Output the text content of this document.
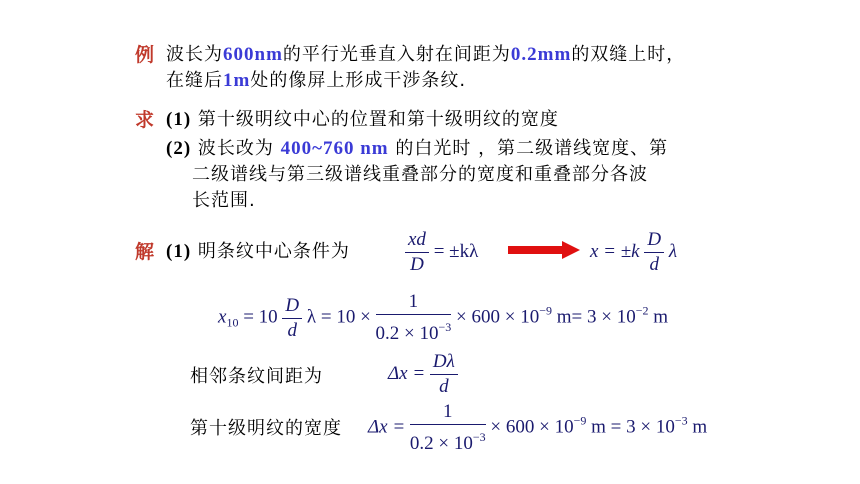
例 波长为600nm的平行光垂直入射在间距为0.2mm的双缝上时，
在缝后1m处的像屏上形成干涉条纹.
求 (1) 第十级明纹中心的位置和第十级明纹的宽度
(2) 波长改为 400~760 nm 的白光时 ，第二级谱线宽度、第
二级谱线与第三级谱线重叠部分的宽度和重叠部分各波
长范围.
解 (1) 明条纹中心条件为	$\frac{xd}{D} = \pm k\lambda$	$x = \pm k \frac{D}{d}$ λ
$x_{10} = 10 \frac{D}{d}$ $\lambda = 10 \times \frac{1}{0.2 \times 10^{-3}} \times 600 \times 10^{-9}$ $m= 3 \times 10^{-2}$ m
相邻条纹间距为	$\Delta x = \frac{D\lambda}{d}$
第十级明纹的宽度 $\Delta x = \frac{1}{0.2 \times 10^{-3}} \times 600 \times 10^{-9}$ $m = 3 \times 10^{-3}$ m
